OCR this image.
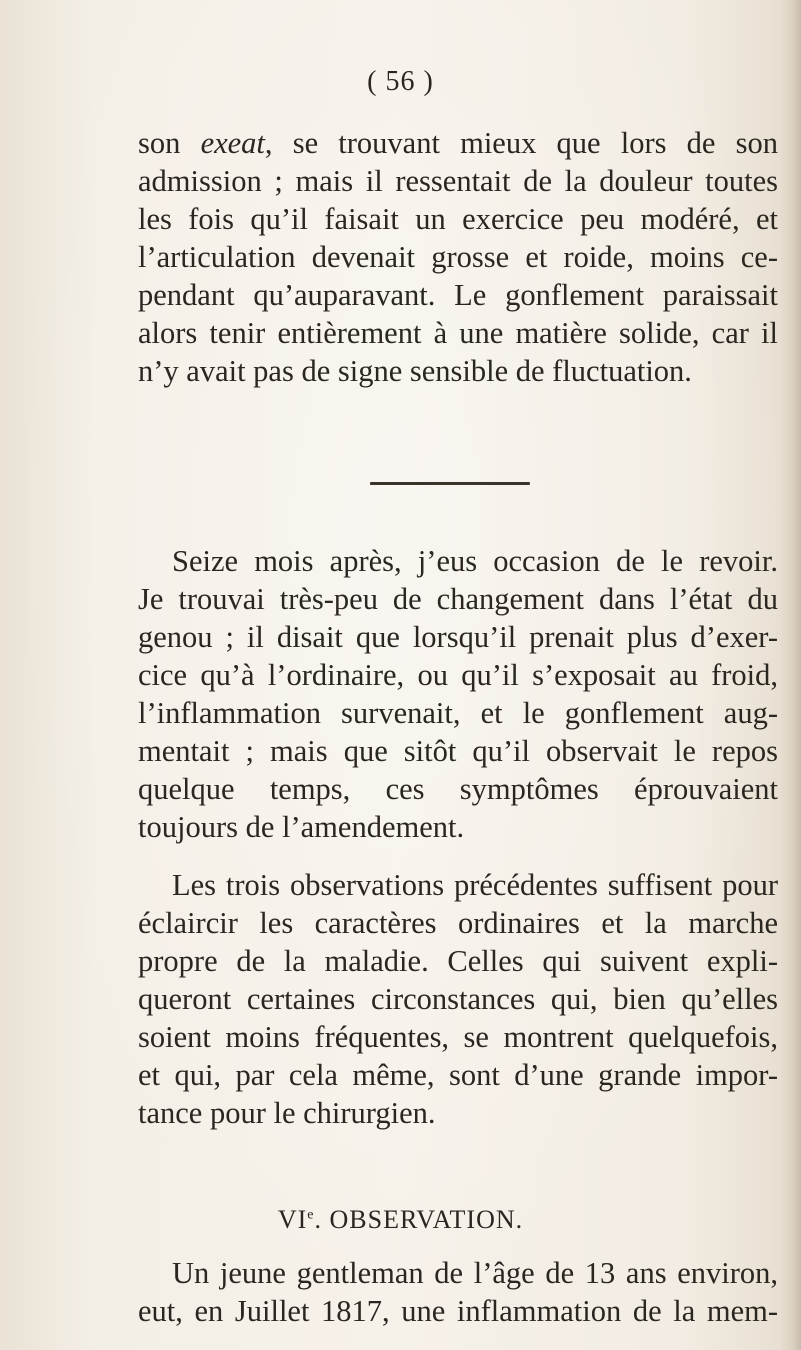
( 56 )
son exeat, se trouvant mieux que lors de son
admission ; mais il ressentait de la douleur toutes
les fois qu’il faisait un exercice peu modéré, et
l’articulation devenait grosse et roide, moins ce-
pendant qu’auparavant. Le gonflement paraissait
alors tenir entièrement à une matière solide, car il
n’y avait pas de signe sensible de fluctuation.
Seize mois après, j’eus occasion de le revoir.
Je trouvai très-peu de changement dans l’état du
genou ; il disait que lorsqu’il prenait plus d’exer-
cice qu’à l’ordinaire, ou qu’il s’exposait au froid,
l’inflammation survenait, et le gonflement aug-
mentait ; mais que sitôt qu’il observait le repos
quelque temps, ces symptômes éprouvaient
toujours de l’amendement.
Les trois observations précédentes suffisent pour
éclaircir les caractères ordinaires et la marche
propre de la maladie. Celles qui suivent expli-
queront certaines circonstances qui, bien qu’elles
soient moins fréquentes, se montrent quelquefois,
et qui, par cela même, sont d’une grande impor-
tance pour le chirurgien.
VIe. OBSERVATION.
Un jeune gentleman de l’âge de 13 ans environ,
eut, en Juillet 1817, une inflammation de la mem-
